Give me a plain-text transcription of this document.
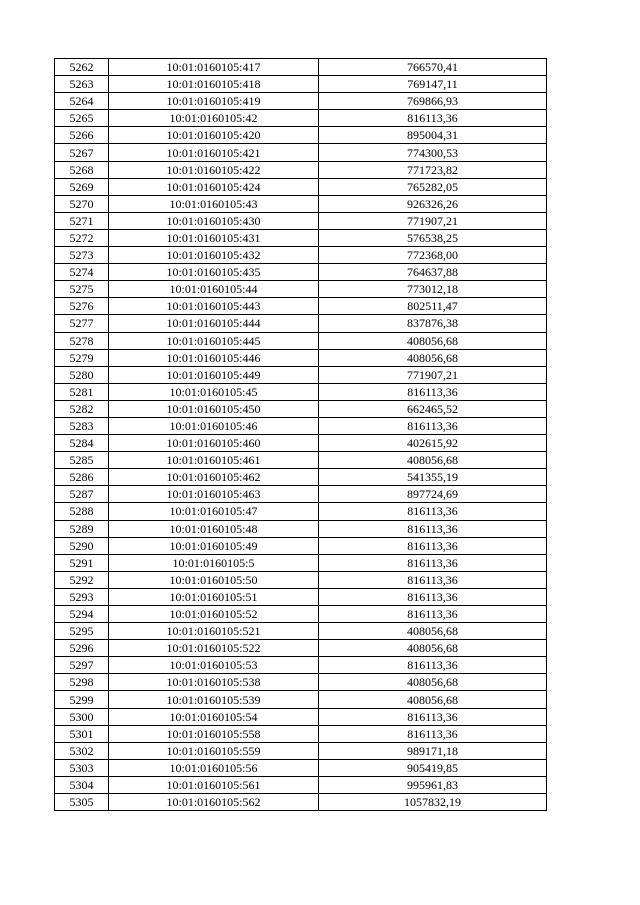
5262	10:01:0160105:417	766570,41
5263	10:01:0160105:418	769147,11
5264	10:01:0160105:419	769866,93
5265	10:01:0160105:42	816113,36
5266	10:01:0160105:420	895004,31
5267	10:01:0160105:421	774300,53
5268	10:01:0160105:422	771723,82
5269	10:01:0160105:424	765282,05
5270	10:01:0160105:43	926326,26
5271	10:01:0160105:430	771907,21
5272	10:01:0160105:431	576538,25
5273	10:01:0160105:432	772368,00
5274	10:01:0160105:435	764637,88
5275	10:01:0160105:44	773012,18
5276	10:01:0160105:443	802511,47
5277	10:01:0160105:444	837876,38
5278	10:01:0160105:445	408056,68
5279	10:01:0160105:446	408056,68
5280	10:01:0160105:449	771907,21
5281	10:01:0160105:45	816113,36
5282	10:01:0160105:450	662465,52
5283	10:01:0160105:46	816113,36
5284	10:01:0160105:460	402615,92
5285	10:01:0160105:461	408056,68
5286	10:01:0160105:462	541355,19
5287	10:01:0160105:463	897724,69
5288	10:01:0160105:47	816113,36
5289	10:01:0160105:48	816113,36
5290	10:01:0160105:49	816113,36
5291	10:01:0160105:5	816113,36
5292	10:01:0160105:50	816113,36
5293	10:01:0160105:51	816113,36
5294	10:01:0160105:52	816113,36
5295	10:01:0160105:521	408056,68
5296	10:01:0160105:522	408056,68
5297	10:01:0160105:53	816113,36
5298	10:01:0160105:538	408056,68
5299	10:01:0160105:539	408056,68
5300	10:01:0160105:54	816113,36
5301	10:01:0160105:558	816113,36
5302	10:01:0160105:559	989171,18
5303	10:01:0160105:56	905419,85
5304	10:01:0160105:561	995961,83
5305	10:01:0160105:562	1057832,19
